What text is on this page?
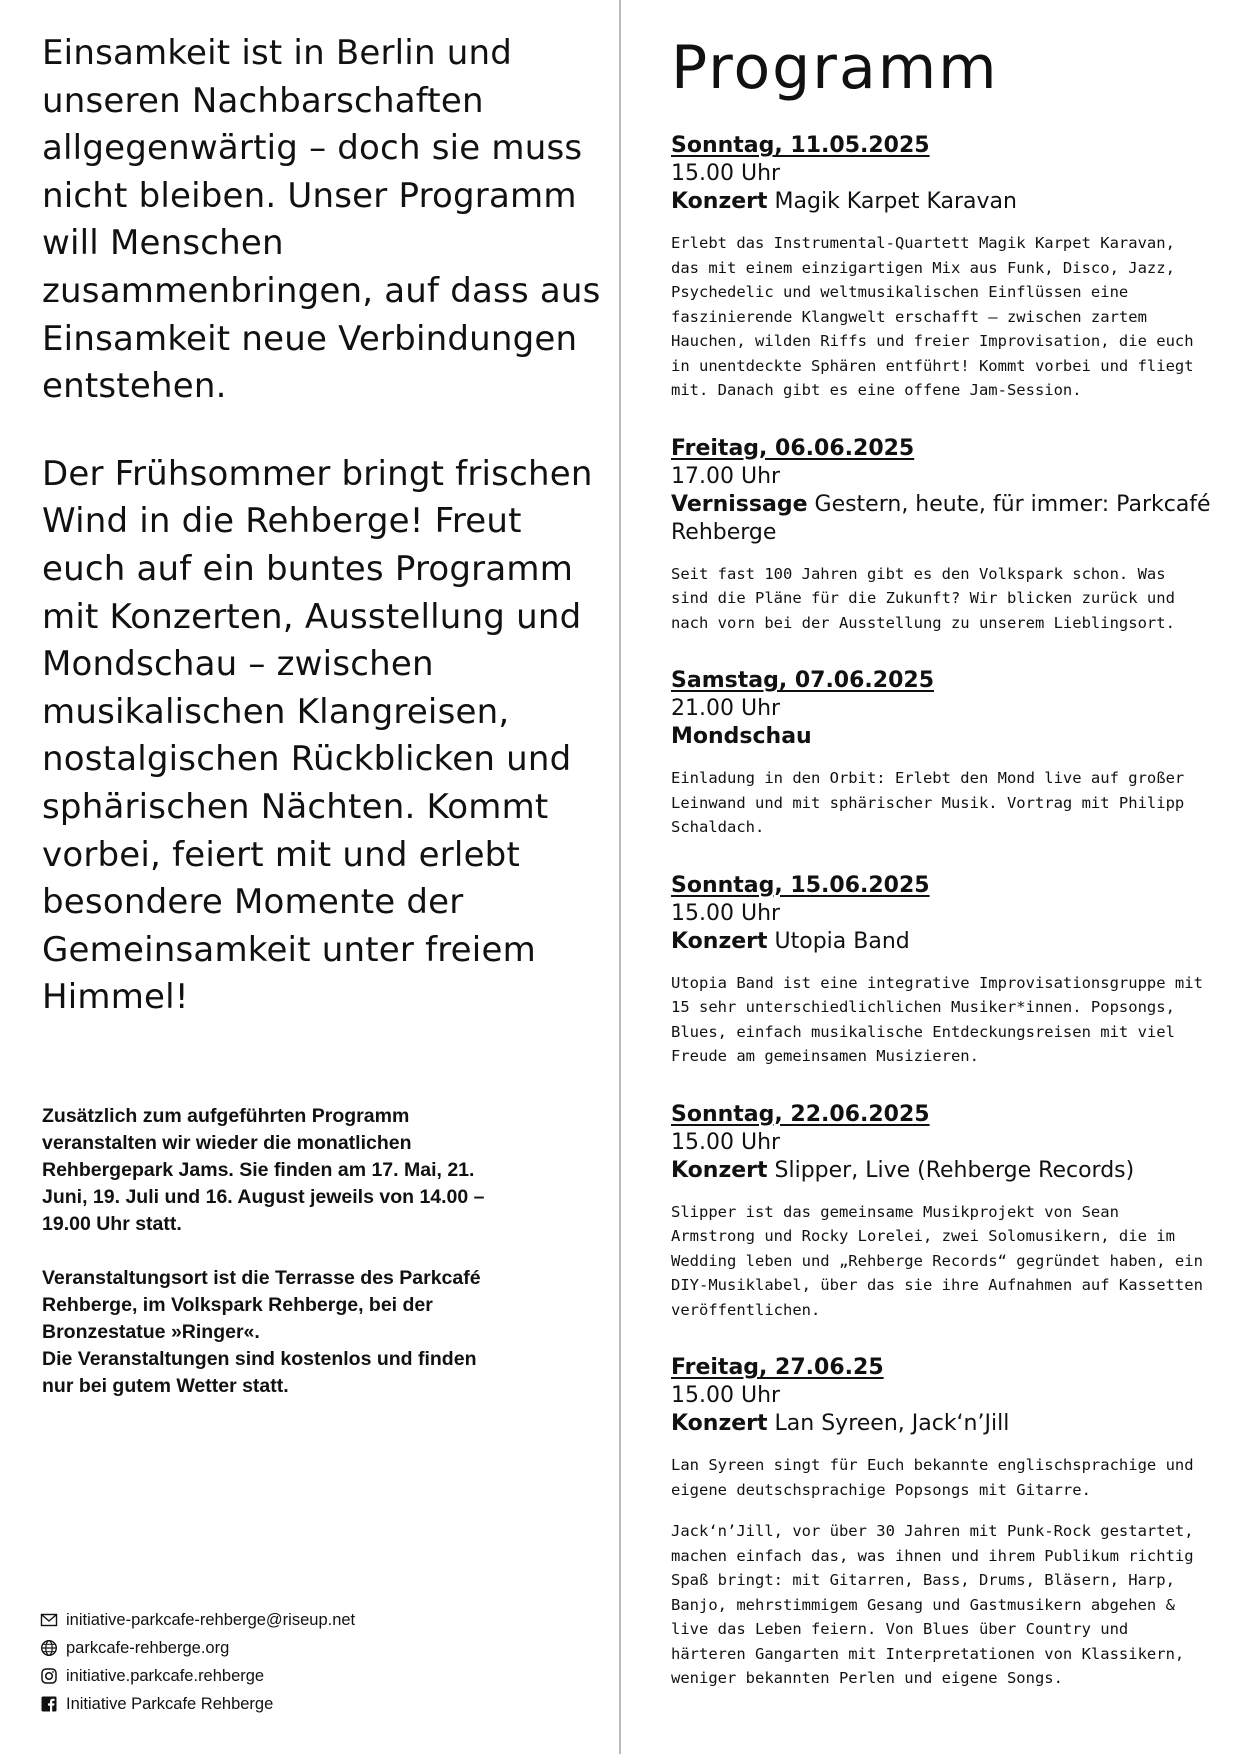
Einsamkeit ist in Berlin und unseren Nachbarschaften allgegenwärtig – doch sie muss nicht bleiben. Unser Programm will Menschen zusammenbringen, auf dass aus Einsamkeit neue Verbindungen entstehen.

Der Frühsommer bringt frischen Wind in die Rehberge! Freut euch auf ein buntes Programm mit Konzerten, Ausstellung und Mondschau – zwischen musikalischen Klangreisen, nostalgischen Rückblicken und sphärischen Nächten. Kommt vorbei, feiert mit und erlebt besondere Momente der Gemeinsamkeit unter freiem Himmel!

Zusätzlich zum aufgeführten Programm veranstalten wir wieder die monatlichen Rehbergepark Jams. Sie finden am 17. Mai, 21. Juni, 19. Juli und 16. August jeweils von 14.00 – 19.00 Uhr statt.

Veranstaltungsort ist die Terrasse des Parkcafé Rehberge, im Volkspark Rehberge, bei der Bronzestatue »Ringer«.
Die Veranstaltungen sind kostenlos und finden nur bei gutem Wetter statt.

initiative-parkcafe-rehberge@riseup.net
parkcafe-rehberge.org
initiative.parkcafe.rehberge
Initiative Parkcafe Rehberge
Programm
Sonntag, 11.05.2025
15.00 Uhr
Konzert Magik Karpet Karavan

Erlebt das Instrumental-Quartett Magik Karpet Karavan, das mit einem einzigartigen Mix aus Funk, Disco, Jazz, Psychedelic und weltmusikalischen Einflüssen eine faszinierende Klangwelt erschafft – zwischen zartem Hauchen, wilden Riffs und freier Improvisation, die euch in unentdeckte Sphären entführt! Kommt vorbei und fliegt mit. Danach gibt es eine offene Jam-Session.

Freitag, 06.06.2025
17.00 Uhr
Vernissage Gestern, heute, für immer: Parkcafé Rehberge

Seit fast 100 Jahren gibt es den Volkspark schon. Was sind die Pläne für die Zukunft? Wir blicken zurück und nach vorn bei der Ausstellung zu unserem Lieblingsort.

Samstag, 07.06.2025
21.00 Uhr
Mondschau

Einladung in den Orbit: Erlebt den Mond live auf großer Leinwand und mit sphärischer Musik. Vortrag mit Philipp Schaldach.

Sonntag, 15.06.2025
15.00 Uhr
Konzert Utopia Band

Utopia Band ist eine integrative Improvisationsgruppe mit 15 sehr unterschiedlichlichen Musiker*innen. Popsongs, Blues, einfach musikalische Entdeckungsreisen mit viel Freude am gemeinsamen Musizieren.

Sonntag, 22.06.2025
15.00 Uhr
Konzert Slipper, Live (Rehberge Records)

Slipper ist das gemeinsame Musikprojekt von Sean Armstrong und Rocky Lorelei, zwei Solomusikern, die im Wedding leben und „Rehberge Records“ gegründet haben, ein DIY-Musiklabel, über das sie ihre Aufnahmen auf Kassetten veröffentlichen.

Freitag, 27.06.25
15.00 Uhr
Konzert Lan Syreen, Jack‘n’Jill

Lan Syreen singt für Euch bekannte englischsprachige und eigene deutschsprachige Popsongs mit Gitarre.

Jack‘n’Jill, vor über 30 Jahren mit Punk-Rock gestartet, machen einfach das, was ihnen und ihrem Publikum richtig Spaß bringt: mit Gitarren, Bass, Drums, Bläsern, Harp, Banjo, mehrstimmigem Gesang und Gastmusikern abgehen & live das Leben feiern. Von Blues über Country und härteren Gangarten mit Interpretationen von Klassikern, weniger bekannten Perlen und eigene Songs.
